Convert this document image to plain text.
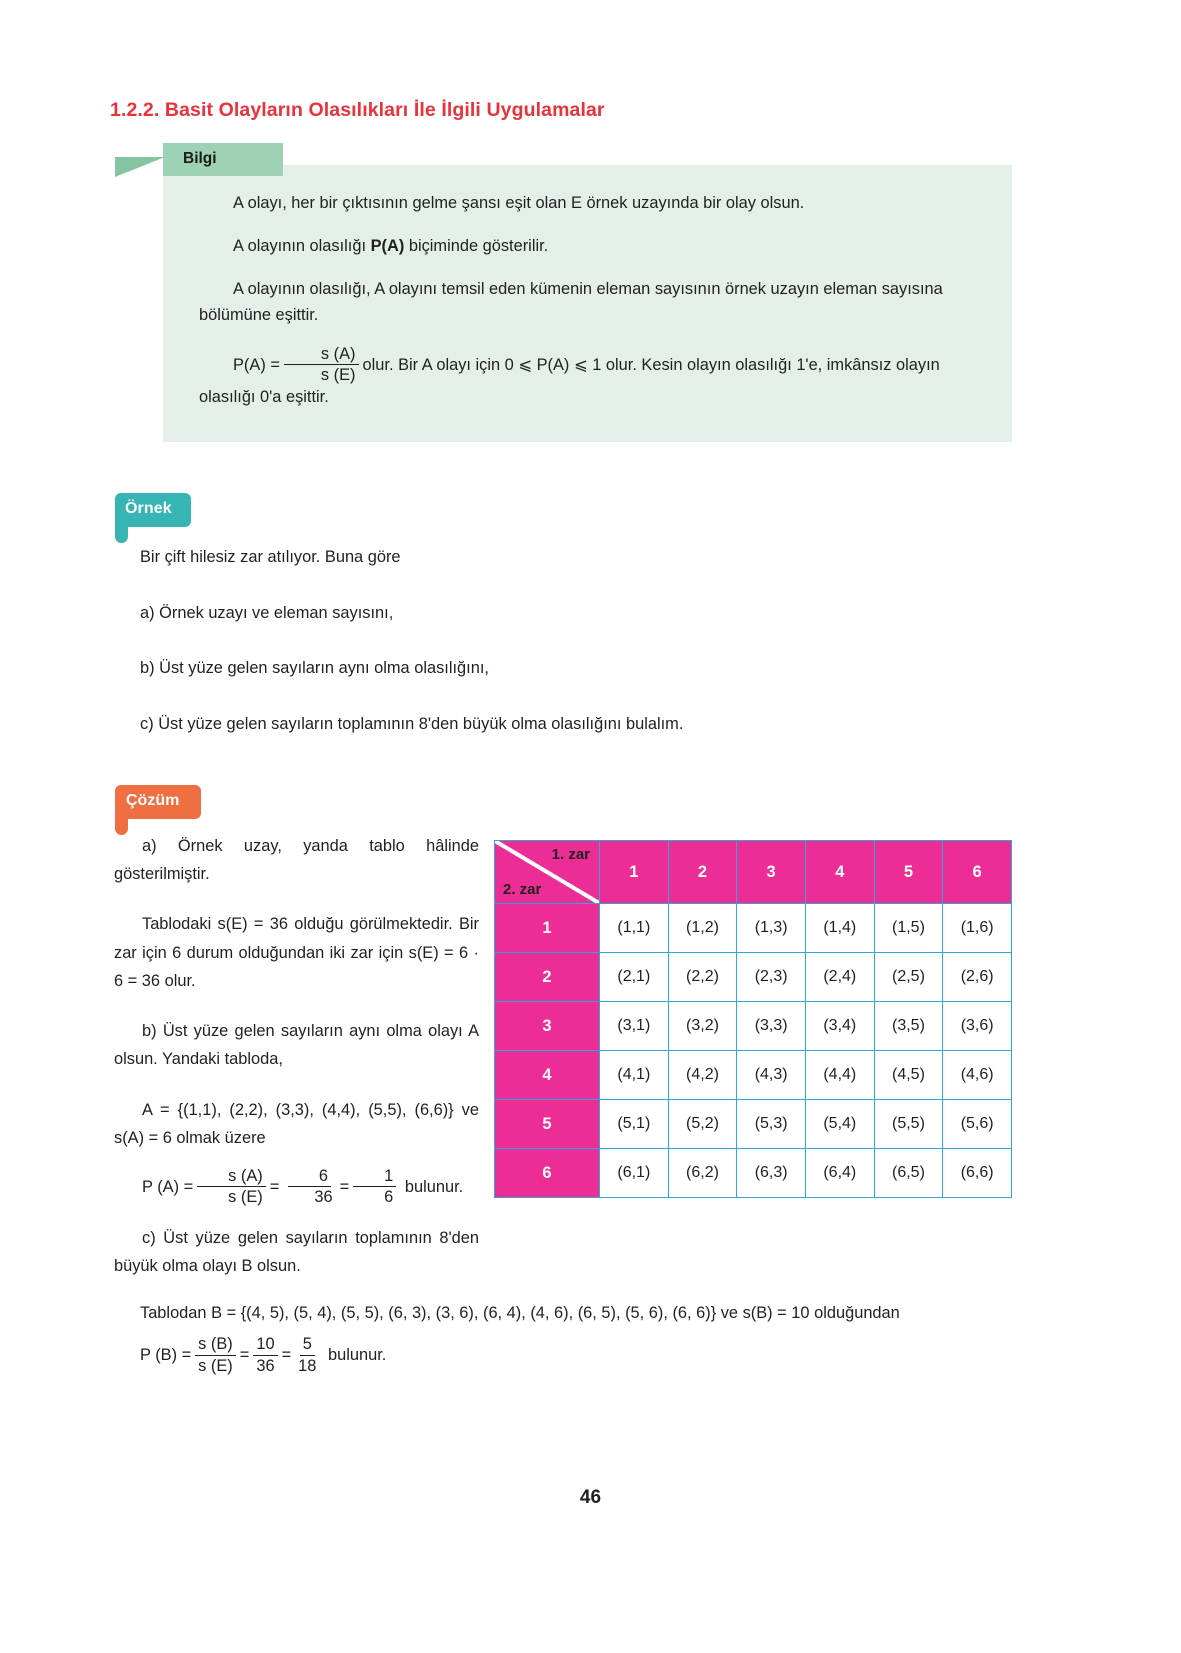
1.2.2. Basit Olayların Olasılıkları İle İlgili Uygulamalar
Bilgi

A olayı, her bir çıktısının gelme şansı eşit olan E örnek uzayında bir olay olsun.

A olayının olasılığı P(A) biçiminde gösterilir.

A olayının olasılığı, A olayını temsil eden kümenin eleman sayısının örnek uzayın eleman sayısına bölümüne eşittir.

$P(A) = \frac{s (A)}{s (E)}$ olur. Bir A olayı için 0 ⩽ P(A) ⩽ 1 olur. Kesin olayın olasılığı 1'e, imkânsız olayın olasılığı 0'a eşittir.

Örnek

Bir çift hilesiz zar atılıyor. Buna göre

a) Örnek uzayı ve eleman sayısını,

b) Üst yüze gelen sayıların aynı olma olasılığını,

c) Üst yüze gelen sayıların toplamının 8'den büyük olma olasılığını bulalım.

Çözüm

a) Örnek uzay, yanda tablo hâlinde gösterilmiştir.

Tablodaki s(E) = 36 olduğu görülmektedir. Bir zar için 6 durum olduğundan iki zar için s(E) = 6 · 6 = 36 olur.

b) Üst yüze gelen sayıların aynı olma olayı A olsun. Yandaki tabloda,

A = {(1,1), (2,2), (3,3), (4,4), (5,5), (6,6)} ve s(A) = 6 olmak üzere

P $(A) = \frac{s (A)}{s (E)} = \frac{6}{36} = \frac{1}{6}$ bulunur.

c) Üst yüze gelen sayıların toplamının 8'den büyük olma olayı B olsun.

1. zar
2. zar	1	2	3	4	5	6
1	(1,1)	(1,2)	(1,3)	(1,4)	(1,5)	(1,6)
2	(2,1)	(2,2)	(2,3)	(2,4)	(2,5)	(2,6)
3	(3,1)	(3,2)	(3,3)	(3,4)	(3,5)	(3,6)
4	(4,1)	(4,2)	(4,3)	(4,4)	(4,5)	(4,6)
5	(5,1)	(5,2)	(5,3)	(5,4)	(5,5)	(5,6)
6	(6,1)	(6,2)	(6,3)	(6,4)	(6,5)	(6,6)

Tablodan B = {(4, 5), (5, 4), (5, 5), (6, 3), (3, 6), (6, 4), (4, 6), (6, 5), (5, 6), (6, 6)} ve s(B) = 10 olduğundan

P $(B) = \frac{s (B)}{s (E)} = \frac{10}{36} = \frac{5}{18}$ bulunur.

46
